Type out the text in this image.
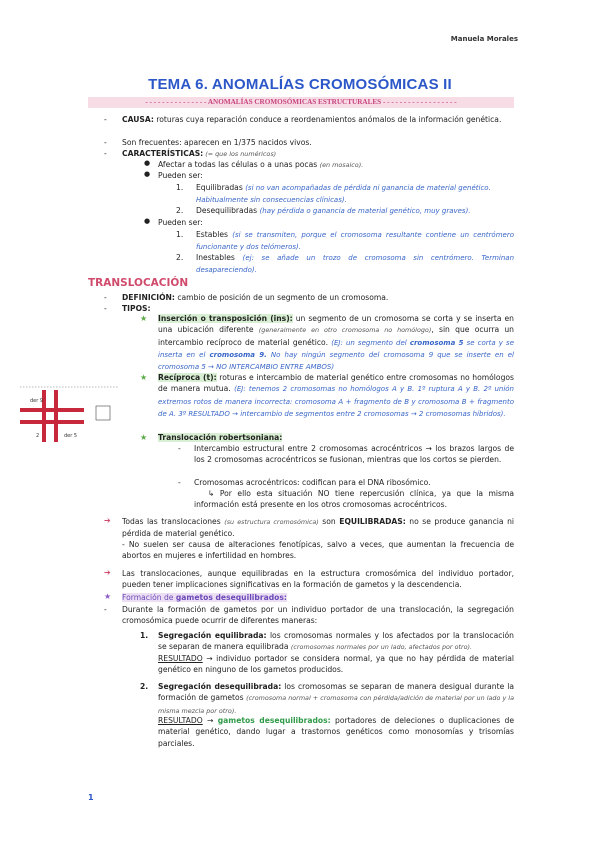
Manuela Morales
TEMA 6. ANOMALÍAS CROMOSÓMICAS II
- - - - - - - - - - - - - - - ANOMALÍAS CROMOSÓMICAS ESTRUCTURALES - - - - - - - - - - - - - - - - - -
- CAUSA: roturas cuya reparación conduce a reordenamientos anómalos de la información genética.
- Son frecuentes: aparecen en 1/375 nacidos vivos.
- CARACTERÍSTICAS: (= que los numéricos)
● Afectar a todas las células o a unas pocas (en mosaico).
● Pueden ser:
1. Equilibradas (si no van acompañadas de pérdida ni ganancia de material genético. Habitualmente sin consecuencias clínicas).
2. Desequilibradas (hay pérdida o ganancia de material genético, muy graves).
● Pueden ser:
1. Estables (si se transmiten, porque el cromosoma resultante contiene un centrómero funcionante y dos telómeros).
2. Inestables (ej: se añade un trozo de cromosoma sin centrómero. Terminan desapareciendo).
TRANSLOCACIÓN
- DEFINICIÓN: cambio de posición de un segmento de un cromosoma.
- TIPOS:
★ Inserción o transposición (ins): un segmento de un cromosoma se corta y se inserta en una ubicación diferente (generalmente en otro cromosoma no homólogo), sin que ocurra un intercambio recíproco de material genético. (EJ: un segmento del cromosoma 5 se corta y se inserta en el cromosoma 9. No hay ningún segmento del cromosoma 9 que se inserte en el cromosoma 5 → NO INTERCAMBIO ENTRE AMBOS)
★ Recíproca (t): roturas e intercambio de material genético entre cromosomas no homólogos de manera mutua. (EJ: tenemos 2 cromosomas no homólogos A y B. 1º ruptura A y B. 2º unión extremos rotos de manera incorrecta: cromosoma A + fragmento de B y cromosoma B + fragmento de A. 3º RESULTADO → intercambio de segmentos entre 2 cromosomas → 2 cromosomas híbridos).
der 9
2	der 5	★ Translocación robertsoniana:
- Intercambio estructural entre 2 cromosomas acrocéntricos → los brazos largos de los 2 cromosomas acrocéntricos se fusionan, mientras que los cortos se pierden.
- Cromosomas acrocéntricos: codifican para el DNA ribosómico.
↳ Por ello esta situación NO tiene repercusión clínica, ya que la misma información está presente en los otros cromosomas acrocéntricos.
➔ Todas las translocaciones (su estructura cromosómica) son EQUILIBRADAS: no se produce ganancia ni pérdida de material genético.
- No suelen ser causa de alteraciones fenotípicas, salvo a veces, que aumentan la frecuencia de abortos en mujeres e infertilidad en hombres.
➔ Las translocaciones, aunque equilibradas en la estructura cromosómica del individuo portador, pueden tener implicaciones significativas en la formación de gametos y la descendencia.
★ Formación de gametos desequilibrados:
- Durante la formación de gametos por un individuo portador de una translocación, la segregación cromosómica puede ocurrir de diferentes maneras:
1. Segregación equilibrada: los cromosomas normales y los afectados por la translocación se separan de manera equilibrada (cromosomas normales por un lado, afectados por otro).
RESULTADO → individuo portador se considera normal, ya que no hay pérdida de material genético en ninguno de los gametos producidos.
2. Segregación desequilibrada: los cromosomas se separan de manera desigual durante la formación de gametos (cromosoma normal + cromosoma con pérdida/adición de material por un lado y la misma mezcla por otro).
RESULTADO → gametos desequilibrados: portadores de deleciones o duplicaciones de material genético, dando lugar a trastornos genéticos como monosomías y trisomías parciales.
1
